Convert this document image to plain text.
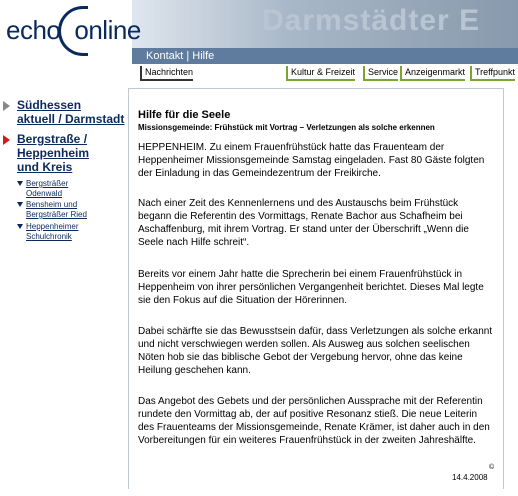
Darmstädter E
echo online
Kontakt | Hilfe
Nachrichten	Kultur & Freizeit	Service Anzeigenmarkt	Treffpunkt
Südhessen
aktuell / Darmstadt
Bergstraße /
Heppenheim
und Kreis
Bergsträßer
Odenwald
Bensheim und
Bergsträßer Ried
Heppenheimer
Schulchronik
Hilfe für die Seele
Missionsgemeinde: Frühstück mit Vortrag – Verletzungen als solche erkennen

HEPPENHEIM. Zu einem Frauenfrühstück hatte das Frauenteam der Heppenheimer Missionsgemeinde Samstag eingeladen. Fast 80 Gäste folgten der Einladung in das Gemeindezentrum der Freikirche.

Nach einer Zeit des Kennenlernens und des Austauschs beim Frühstück begann die Referentin des Vormittags, Renate Bachor aus Schafheim bei Aschaffenburg, mit ihrem Vortrag. Er stand unter der Überschrift „Wenn die Seele nach Hilfe schreit“.

Bereits vor einem Jahr hatte die Sprecherin bei einem Frauenfrühstück in Heppenheim von ihrer persönlichen Vergangenheit berichtet. Dieses Mal legte sie den Fokus auf die Situation der Hörerinnen.

Dabei schärfte sie das Bewusstsein dafür, dass Verletzungen als solche erkannt und nicht verschwiegen werden sollen. Als Ausweg aus solchen seelischen Nöten hob sie das biblische Gebot der Vergebung hervor, ohne das keine Heilung geschehen kann.

Das Angebot des Gebets und der persönlichen Aussprache mit der Referentin rundete den Vormittag ab, der auf positive Resonanz stieß. Die neue Leiterin des Frauenteams der Missionsgemeinde, Renate Krämer, ist daher auch in den Vorbereitungen für ein weiteres Frauenfrühstück in der zweiten Jahreshälfte.

©
14.4.2008
